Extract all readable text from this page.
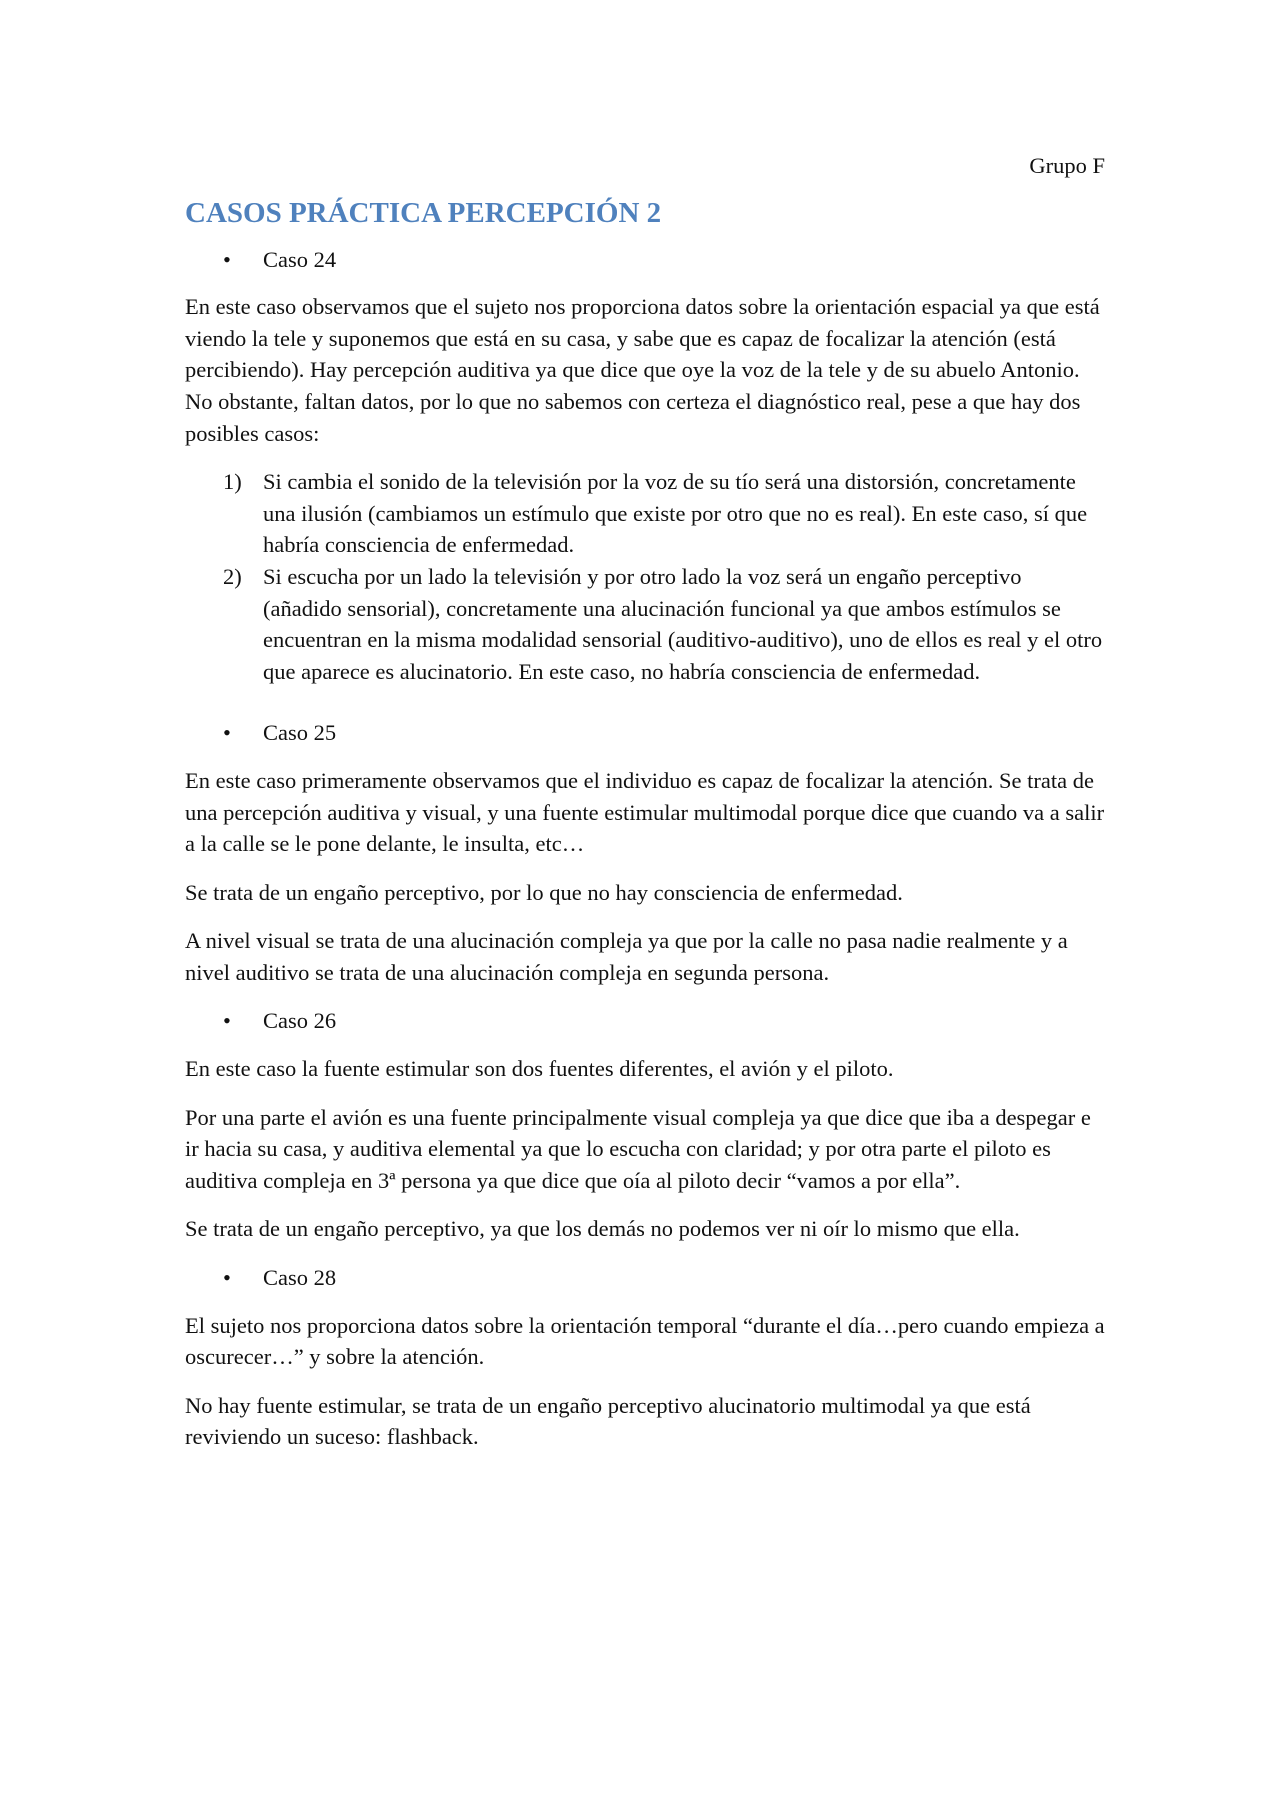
Grupo F
CASOS PRÁCTICA PERCEPCIÓN 2
• Caso 24

En este caso observamos que el sujeto nos proporciona datos sobre la orientación espacial ya que está viendo la tele y suponemos que está en su casa, y sabe que es capaz de focalizar la atención (está percibiendo). Hay percepción auditiva ya que dice que oye la voz de la tele y de su abuelo Antonio. No obstante, faltan datos, por lo que no sabemos con certeza el diagnóstico real, pese a que hay dos posibles casos:

1) Si cambia el sonido de la televisión por la voz de su tío será una distorsión, concretamente una ilusión (cambiamos un estímulo que existe por otro que no es real). En este caso, sí que habría consciencia de enfermedad.
2) Si escucha por un lado la televisión y por otro lado la voz será un engaño perceptivo (añadido sensorial), concretamente una alucinación funcional ya que ambos estímulos se encuentran en la misma modalidad sensorial (auditivo-auditivo), uno de ellos es real y el otro que aparece es alucinatorio. En este caso, no habría consciencia de enfermedad.
• Caso 25

En este caso primeramente observamos que el individuo es capaz de focalizar la atención. Se trata de una percepción auditiva y visual, y una fuente estimular multimodal porque dice que cuando va a salir a la calle se le pone delante, le insulta, etc…

Se trata de un engaño perceptivo, por lo que no hay consciencia de enfermedad.

A nivel visual se trata de una alucinación compleja ya que por la calle no pasa nadie realmente y a nivel auditivo se trata de una alucinación compleja en segunda persona.

• Caso 26

En este caso la fuente estimular son dos fuentes diferentes, el avión y el piloto.

Por una parte el avión es una fuente principalmente visual compleja ya que dice que iba a despegar e ir hacia su casa, y auditiva elemental ya que lo escucha con claridad; y por otra parte el piloto es auditiva compleja en 3ª persona ya que dice que oía al piloto decir “vamos a por ella”.

Se trata de un engaño perceptivo, ya que los demás no podemos ver ni oír lo mismo que ella.

• Caso 28

El sujeto nos proporciona datos sobre la orientación temporal “durante el día…pero cuando empieza a oscurecer…” y sobre la atención.

No hay fuente estimular, se trata de un engaño perceptivo alucinatorio multimodal ya que está reviviendo un suceso: flashback.
